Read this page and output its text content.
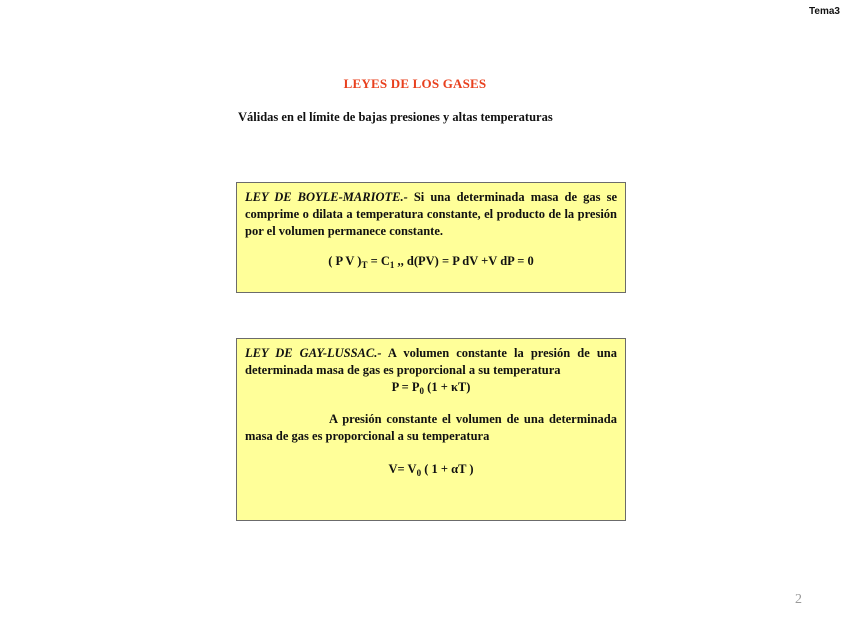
Tema3
LEYES DE LOS GASES
Válidas en el límite de bajas presiones y altas temperaturas
LEY DE BOYLE-MARIOTE.- Si una determinada masa de gas se comprime o dilata a temperatura constante, el producto de la presión por el volumen permanece constante.
( P V )$_T = C_1$ ,, d(PV) = P dV +V dP = 0
LEY DE GAY-LUSSAC.- A volumen constante la presión de una determinada masa de gas es proporcional a su temperatura
$P = P_0$ (1 + κT)
A presión constante el volumen de una determinada masa de gas es proporcional a su temperatura
$V= V_0$ ( 1 + αT )
2
